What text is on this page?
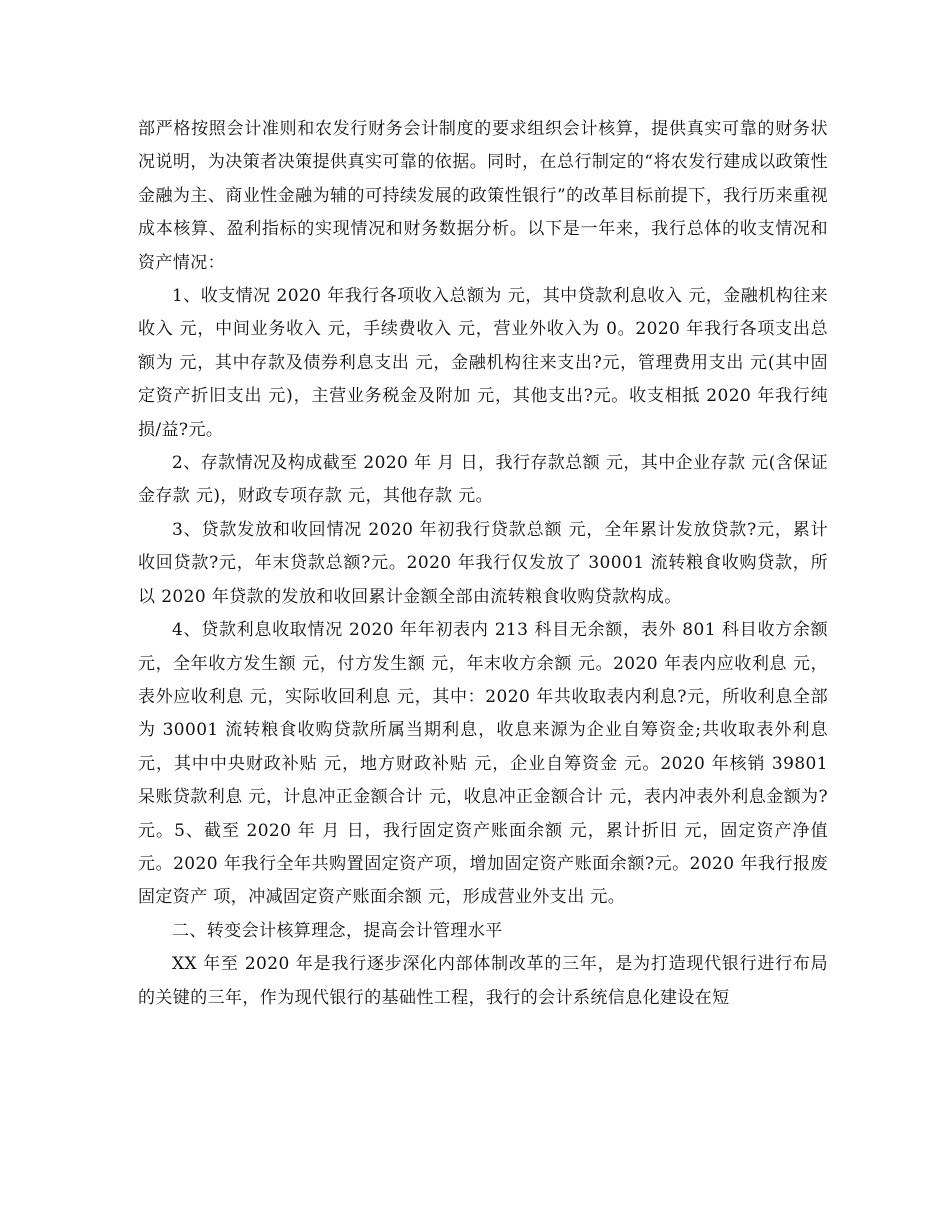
部严格按照会计准则和农发行财务会计制度的要求组织会计核算，提供真实可靠的财务状况说明，为决策者决策提供真实可靠的依据。同时，在总行制定的“将农发行建成以政策性金融为主、商业性金融为辅的可持续发展的政策性银行”的改革目标前提下，我行历来重视成本核算、盈利指标的实现情况和财务数据分析。以下是一年来，我行总体的收支情况和资产情况：

1、收支情况 2020 年我行各项收入总额为 元，其中贷款利息收入 元，金融机构往来收入 元，中间业务收入 元，手续费收入 元，营业外收入为 0。2020 年我行各项支出总额为 元，其中存款及债券利息支出 元，金融机构往来支出?元，管理费用支出 元(其中固定资产折旧支出 元)，主营业务税金及附加 元，其他支出?元。收支相抵 2020 年我行纯损/益?元。

2、存款情况及构成截至 2020 年 月 日，我行存款总额 元，其中企业存款 元(含保证金存款 元)，财政专项存款 元，其他存款 元。

3、贷款发放和收回情况 2020 年初我行贷款总额 元，全年累计发放贷款?元，累计收回贷款?元，年末贷款总额?元。2020 年我行仅发放了 30001 流转粮食收购贷款，所以 2020 年贷款的发放和收回累计金额全部由流转粮食收购贷款构成。

4、贷款利息收取情况 2020 年年初表内 213 科目无余额，表外 801 科目收方余额 元，全年收方发生额 元，付方发生额 元，年末收方余额 元。2020 年表内应收利息 元，表外应收利息 元，实际收回利息 元，其中：2020 年共收取表内利息?元，所收利息全部为 30001 流转粮食收购贷款所属当期利息，收息来源为企业自筹资金;共收取表外利息 元，其中中央财政补贴 元，地方财政补贴 元，企业自筹资金 元。2020 年核销 39801 呆账贷款利息 元，计息冲正金额合计 元，收息冲正金额合计 元，表内冲表外利息金额为?元。5、截至 2020 年 月 日，我行固定资产账面余额 元，累计折旧 元，固定资产净值 元。2020 年我行全年共购置固定资产项，增加固定资产账面余额?元。2020 年我行报废固定资产 项，冲减固定资产账面余额 元，形成营业外支出 元。

二、转变会计核算理念，提高会计管理水平

XX 年至 2020 年是我行逐步深化内部体制改革的三年，是为打造现代银行进行布局的关键的三年，作为现代银行的基础性工程，我行的会计系统信息化建设在短
